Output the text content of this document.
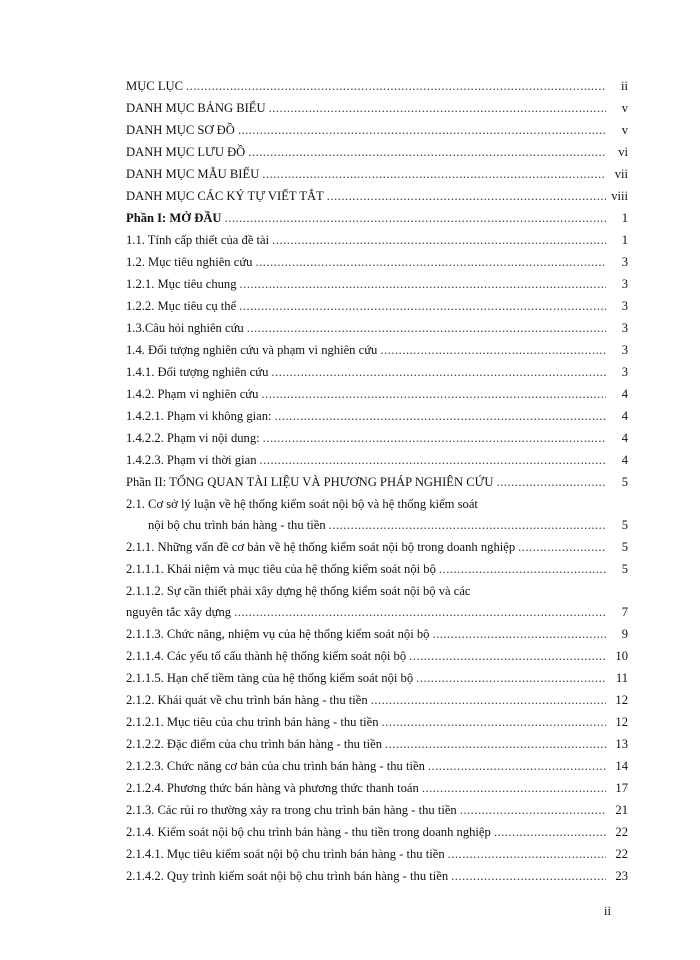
MỤC LỤC .....	ii
DANH MỤC BẢNG BIỂU .....	v
DANH MỤC SƠ ĐỒ .....	v
DANH MỤC LƯU ĐỒ .....	vi
DANH MỤC MẪU BIỂU .....	vii
DANH MỤC CÁC KÝ TỰ VIẾT TẮT .....	viii
Phần I: MỞ ĐẦU .....	1
1.1. Tính cấp thiết của đề tài .....	1
1.2. Mục tiêu nghiên cứu .....	3
1.2.1. Mục tiêu chung .....	3
1.2.2. Mục tiêu cụ thể .....	3
1.3.Câu hỏi nghiên cứu .....	3
1.4. Đối tượng nghiên cứu và phạm vi nghiên cứu .....	3
1.4.1. Đối tượng nghiên cứu .....	3
1.4.2. Phạm vi nghiên cứu .....	4
1.4.2.1. Phạm vi không gian: .....	4
1.4.2.2. Phạm vi nội dung: .....	4
1.4.2.3. Phạm vi thời gian .....	4
Phần II: TỔNG QUAN TÀI LIỆU VÀ PHƯƠNG PHÁP NGHIÊN CỨU .....	5
2.1. Cơ sở lý luận về hệ thống kiểm soát nội bộ và hệ thống kiểm soát
nội bộ chu trình bán hàng - thu tiền .....	5
2.1.1. Những vấn đề cơ bản về hệ thống kiểm soát nội bộ trong doanh nghiệp .....	5
2.1.1.1. Khái niệm và mục tiêu của hệ thống kiểm soát nội bộ .....	5
2.1.1.2. Sự cần thiết phải xây dựng hệ thống kiểm soát nội bộ và các
nguyên tắc xây dựng .....	7
2.1.1.3. Chức năng, nhiệm vụ của hệ thống kiểm soát nội bộ .....	9
2.1.1.4. Các yếu tố cấu thành hệ thống kiểm soát nội bộ .....	10
2.1.1.5. Hạn chế tiềm tàng của hệ thống kiểm soát nội bộ .....	11
2.1.2. Khái quát về chu trình bán hàng - thu tiền .....	12
2.1.2.1. Mục tiêu của chu trình bán hàng - thu tiền .....	12
2.1.2.2. Đặc điểm của chu trình bán hàng - thu tiền .....	13
2.1.2.3. Chức năng cơ bản của chu trình bán hàng - thu tiền .....	14
2.1.2.4. Phương thức bán hàng và phương thức thanh toán .....	17
2.1.3. Các rủi ro thường xảy ra trong chu trình bán hàng - thu tiền .....	21
2.1.4. Kiểm soát nội bộ chu trình bán hàng - thu tiền trong doanh nghiệp .....	22
2.1.4.1. Mục tiêu kiểm soát nội bộ chu trình bán hàng - thu tiền .....	22
2.1.4.2. Quy trình kiểm soát nội bộ chu trình bán hàng - thu tiền .....	23
ii
